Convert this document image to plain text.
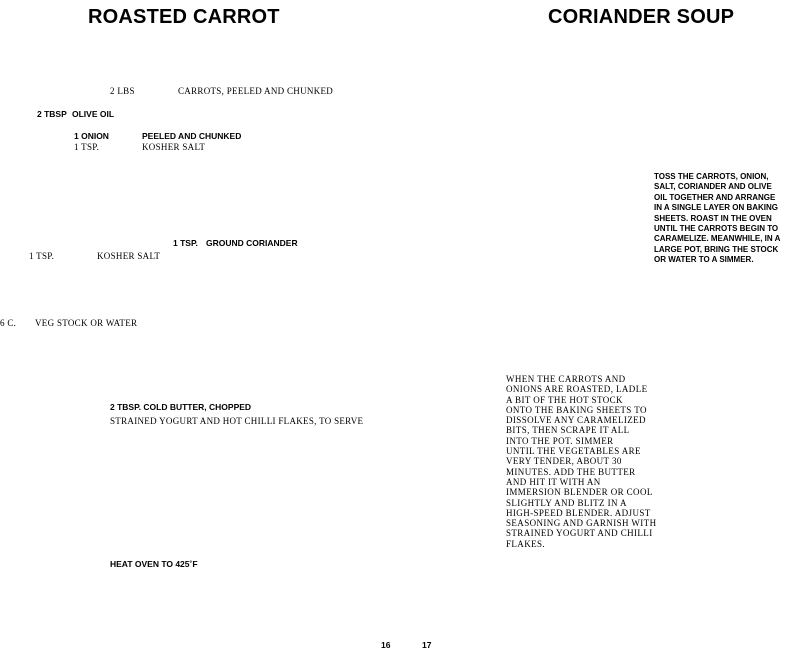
ROASTED CARROT
2 LBS	CARROTS, PEELED AND CHUNKED
2 TBSP OLIVE OIL
1 ONION	PEELED AND CHUNKED
1 TSP.	KOSHER SALT
1 TSP. GROUND CORIANDER
1 TSP.	KOSHER SALT
6 C. VEG STOCK OR WATER
2 TBSP. COLD BUTTER, CHOPPED
STRAINED YOGURT AND HOT CHILLI FLAKES, TO SERVE
HEAT OVEN TO 425˚F
16
CORIANDER SOUP
TOSS THE CARROTS, ONION,
SALT, CORIANDER AND OLIVE
OIL TOGETHER AND ARRANGE
IN A SINGLE LAYER ON BAKING
SHEETS. ROAST IN THE OVEN
UNTIL THE CARROTS BEGIN TO
CARAMELIZE. MEANWHILE, IN A
LARGE POT, BRING THE STOCK
OR WATER TO A SIMMER.
WHEN THE CARROTS AND
ONIONS ARE ROASTED, LADLE
A BIT OF THE HOT STOCK
ONTO THE BAKING SHEETS TO
DISSOLVE ANY CARAMELIZED
BITS, THEN SCRAPE IT ALL
INTO THE POT. SIMMER
UNTIL THE VEGETABLES ARE
VERY TENDER, ABOUT 30
MINUTES. ADD THE BUTTER
AND HIT IT WITH AN
IMMERSION BLENDER OR COOL
SLIGHTLY AND BLITZ IN A
HIGH-SPEED BLENDER. ADJUST
SEASONING AND GARNISH WITH
STRAINED YOGURT AND CHILLI
FLAKES.
17
